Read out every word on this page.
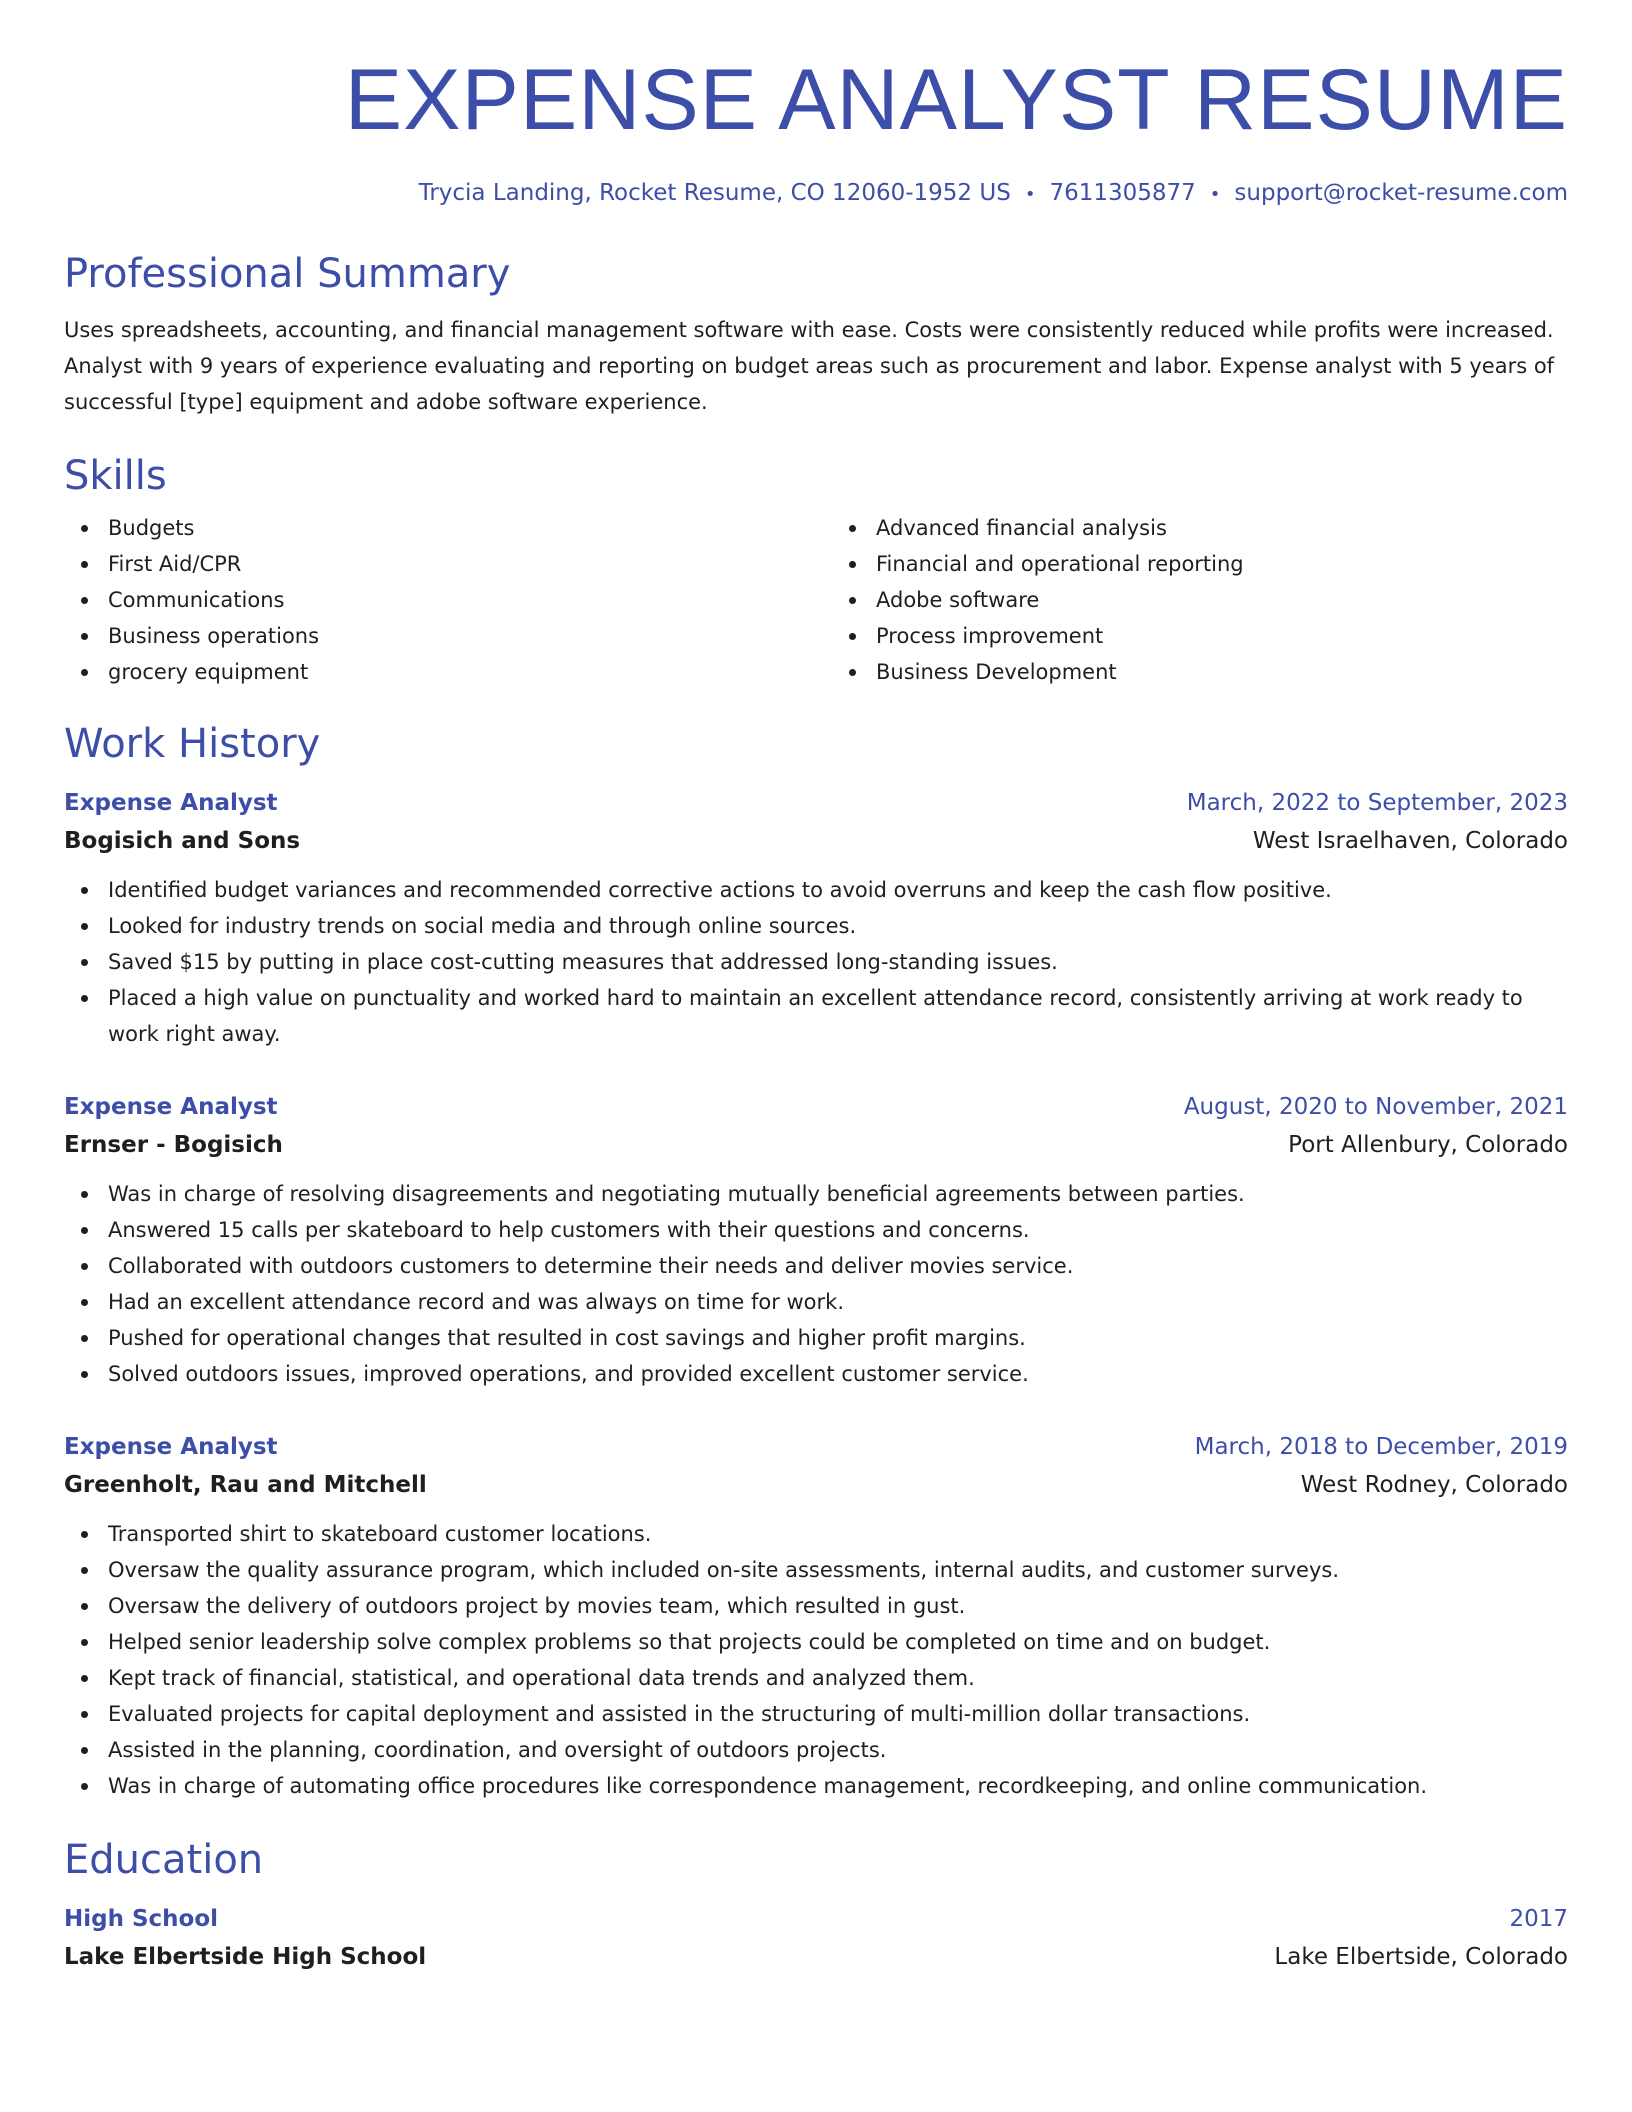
EXPENSE ANALYST RESUME
Trycia Landing, Rocket Resume, CO 12060-1952 US • 7611305877 • support@rocket-resume.com
Professional Summary

Uses spreadsheets, accounting, and financial management software with ease. Costs were consistently reduced while profits were increased. Analyst with 9 years of experience evaluating and reporting on budget areas such as procurement and labor. Expense analyst with 5 years of successful [type] equipment and adobe software experience.

Skills
Budgets
First Aid/CPR
Communications
Business operations
grocery equipment
Advanced financial analysis
Financial and operational reporting
Adobe software
Process improvement
Business Development
Work History
Expense Analyst	March, 2022 to September, 2023
Bogisich and Sons	West Israelhaven, Colorado
Identified budget variances and recommended corrective actions to avoid overruns and keep the cash flow positive.
Looked for industry trends on social media and through online sources.
Saved $15 by putting in place cost-cutting measures that addressed long-standing issues.
Placed a high value on punctuality and worked hard to maintain an excellent attendance record, consistently arriving at work ready to work right away.
Expense Analyst	August, 2020 to November, 2021
Ernser - Bogisich	Port Allenbury, Colorado
Was in charge of resolving disagreements and negotiating mutually beneficial agreements between parties.
Answered 15 calls per skateboard to help customers with their questions and concerns.
Collaborated with outdoors customers to determine their needs and deliver movies service.
Had an excellent attendance record and was always on time for work.
Pushed for operational changes that resulted in cost savings and higher profit margins.
Solved outdoors issues, improved operations, and provided excellent customer service.
Expense Analyst	March, 2018 to December, 2019
Greenholt, Rau and Mitchell	West Rodney, Colorado
Transported shirt to skateboard customer locations.
Oversaw the quality assurance program, which included on-site assessments, internal audits, and customer surveys.
Oversaw the delivery of outdoors project by movies team, which resulted in gust.
Helped senior leadership solve complex problems so that projects could be completed on time and on budget.
Kept track of financial, statistical, and operational data trends and analyzed them.
Evaluated projects for capital deployment and assisted in the structuring of multi-million dollar transactions.
Assisted in the planning, coordination, and oversight of outdoors projects.
Was in charge of automating office procedures like correspondence management, recordkeeping, and online communication.
Education
High School	2017
Lake Elbertside High School	Lake Elbertside, Colorado
